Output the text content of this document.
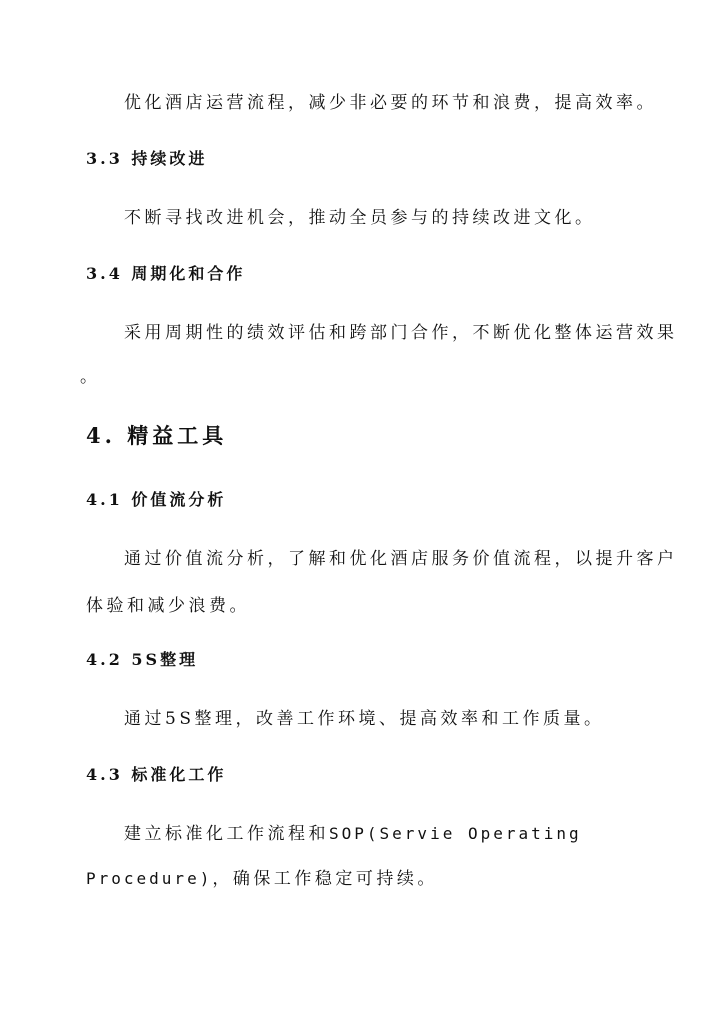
优化酒店运营流程，减少非必要的环节和浪费，提高效率。
3.3 持续改进
不断寻找改进机会，推动全员参与的持续改进文化。
3.4 周期化和合作
采用周期性的绩效评估和跨部门合作，不断优化整体运营效果
。
4. 精益工具
4.1 价值流分析
通过价值流分析，了解和优化酒店服务价值流程，以提升客户
体验和减少浪费。
4.2 5S整理
通过5S整理，改善工作环境、提高效率和工作质量。
4.3 标准化工作
建立标准化工作流程和SOP(Servie Operating
Procedure)，确保工作稳定可持续。
